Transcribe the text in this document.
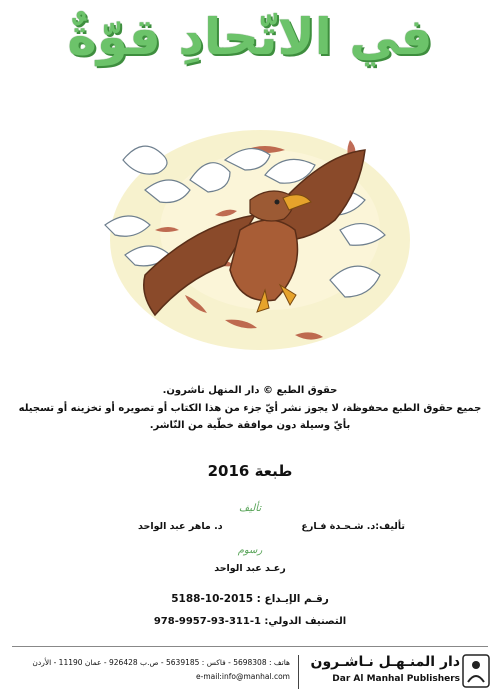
في الاتّحادِ قوّةٌ
حقوق الطبع © دار المنهل ناشرون.
جميع حقوق الطبع محفوظة، لا يجوز نشر أيّ جزء من هذا الكتاب أو تصويره أو تخزينه أو تسجيله
بأيّ وسيلة دون موافقة خطّية من النّاشر.
طبعة 2016
تأليف
تأليف:د. شـحـدة فـارع
د. ماهر عبد الواحد
رسوم
رعـد عبد الواحد
رقـم الإيـداع : 2015-10-5188
التصنيف الدولي: 1-311-93-9957-978
هاتف : 5698308 - فاكس : 5639185 - ص.ب 926428 - عمان 11190 - الأردن
e-mail:info@manhal.com
دار المنـهـل نـاشـرون
Dar Al Manhal Publishers
